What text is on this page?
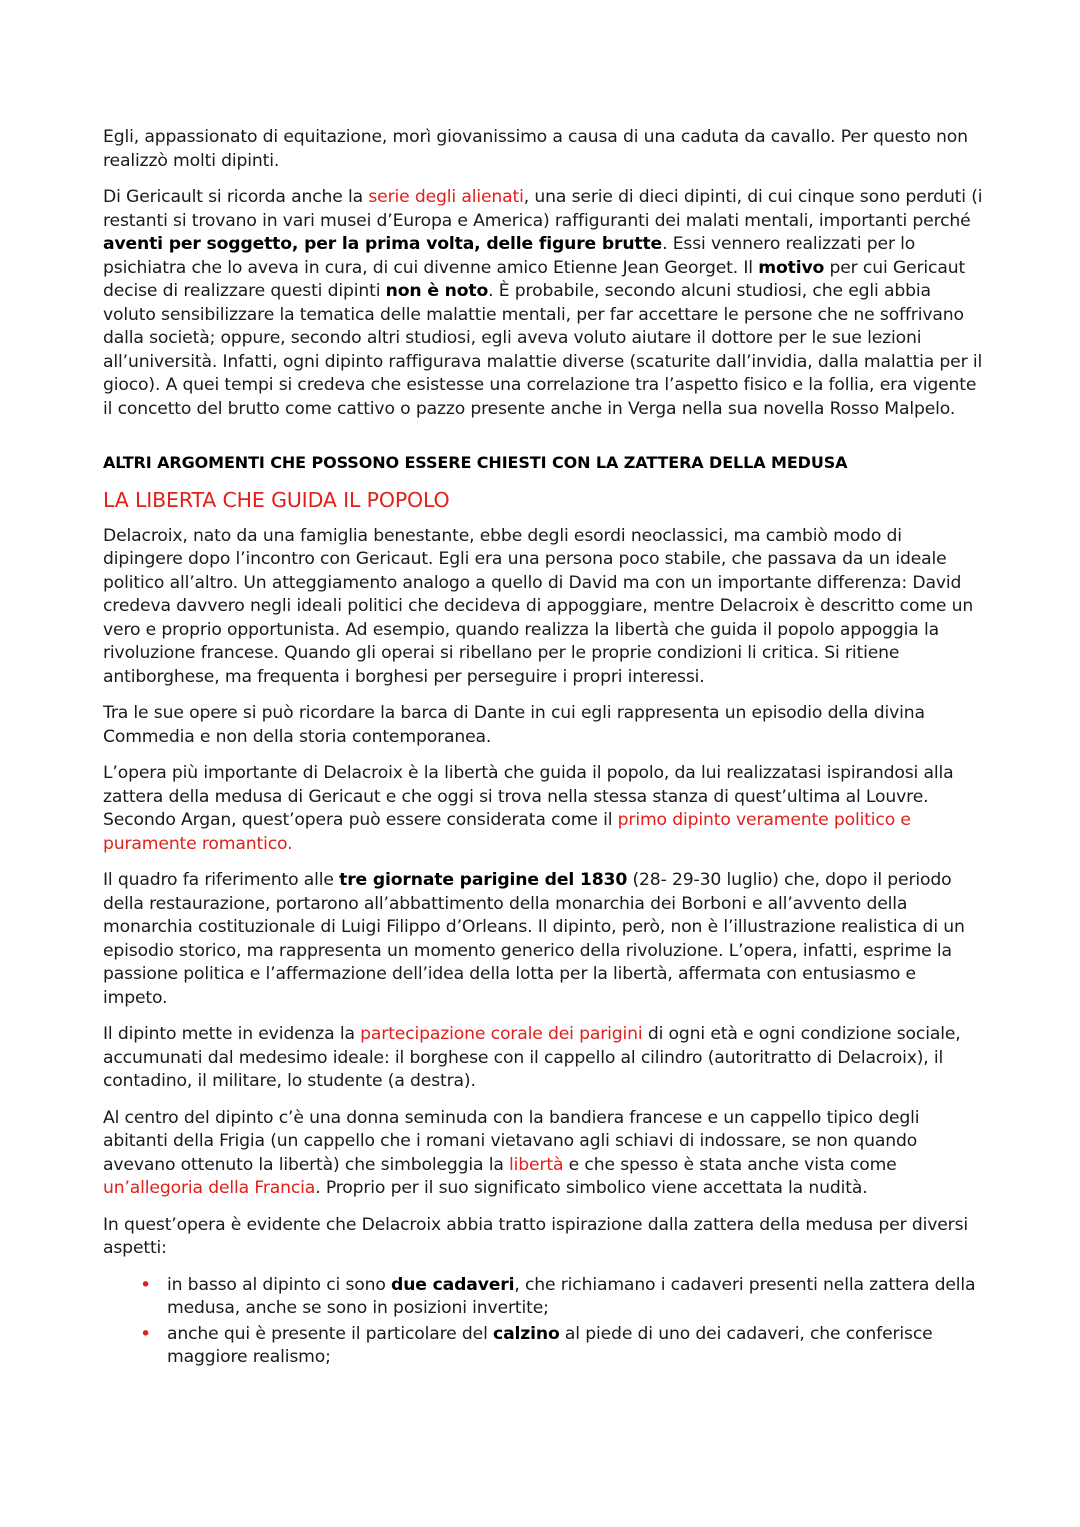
Egli, appassionato di equitazione, morì giovanissimo a causa di una caduta da cavallo. Per questo non realizzò molti dipinti.

Di Gericault si ricorda anche la serie degli alienati, una serie di dieci dipinti, di cui cinque sono perduti (i restanti si trovano in vari musei d’Europa e America) raffiguranti dei malati mentali, importanti perché aventi per soggetto, per la prima volta, delle figure brutte. Essi vennero realizzati per lo psichiatra che lo aveva in cura, di cui divenne amico Etienne Jean Georget. Il motivo per cui Gericaut decise di realizzare questi dipinti non è noto. È probabile, secondo alcuni studiosi, che egli abbia voluto sensibilizzare la tematica delle malattie mentali, per far accettare le persone che ne soffrivano dalla società; oppure, secondo altri studiosi, egli aveva voluto aiutare il dottore per le sue lezioni all’università. Infatti, ogni dipinto raffigurava malattie diverse (scaturite dall’invidia, dalla malattia per il gioco). A quei tempi si credeva che esistesse una correlazione tra l’aspetto fisico e la follia, era vigente il concetto del brutto come cattivo o pazzo presente anche in Verga nella sua novella Rosso Malpelo.

ALTRI ARGOMENTI CHE POSSONO ESSERE CHIESTI CON LA ZATTERA DELLA MEDUSA
LA LIBERTA CHE GUIDA IL POPOLO

Delacroix, nato da una famiglia benestante, ebbe degli esordi neoclassici, ma cambiò modo di dipingere dopo l’incontro con Gericaut. Egli era una persona poco stabile, che passava da un ideale politico all’altro. Un atteggiamento analogo a quello di David ma con un importante differenza: David credeva davvero negli ideali politici che decideva di appoggiare, mentre Delacroix è descritto come un vero e proprio opportunista. Ad esempio, quando realizza la libertà che guida il popolo appoggia la rivoluzione francese. Quando gli operai si ribellano per le proprie condizioni li critica. Si ritiene antiborghese, ma frequenta i borghesi per perseguire i propri interessi.

Tra le sue opere si può ricordare la barca di Dante in cui egli rappresenta un episodio della divina Commedia e non della storia contemporanea.

L’opera più importante di Delacroix è la libertà che guida il popolo, da lui realizzatasi ispirandosi alla zattera della medusa di Gericaut e che oggi si trova nella stessa stanza di quest’ultima al Louvre. Secondo Argan, quest’opera può essere considerata come il primo dipinto veramente politico e puramente romantico.

Il quadro fa riferimento alle tre giornate parigine del 1830 (28- 29-30 luglio) che, dopo il periodo della restaurazione, portarono all’abbattimento della monarchia dei Borboni e all’avvento della monarchia costituzionale di Luigi Filippo d’Orleans. Il dipinto, però, non è l’illustrazione realistica di un episodio storico, ma rappresenta un momento generico della rivoluzione. L’opera, infatti, esprime la passione politica e l’affermazione dell’idea della lotta per la libertà, affermata con entusiasmo e impeto.

Il dipinto mette in evidenza la partecipazione corale dei parigini di ogni età e ogni condizione sociale, accumunati dal medesimo ideale: il borghese con il cappello al cilindro (autoritratto di Delacroix), il contadino, il militare, lo studente (a destra).

Al centro del dipinto c’è una donna seminuda con la bandiera francese e un cappello tipico degli abitanti della Frigia (un cappello che i romani vietavano agli schiavi di indossare, se non quando avevano ottenuto la libertà) che simboleggia la libertà e che spesso è stata anche vista come un’allegoria della Francia. Proprio per il suo significato simbolico viene accettata la nudità.

In quest’opera è evidente che Delacroix abbia tratto ispirazione dalla zattera della medusa per diversi aspetti:

• in basso al dipinto ci sono due cadaveri, che richiamano i cadaveri presenti nella zattera della medusa, anche se sono in posizioni invertite;
• anche qui è presente il particolare del calzino al piede di uno dei cadaveri, che conferisce maggiore realismo;
